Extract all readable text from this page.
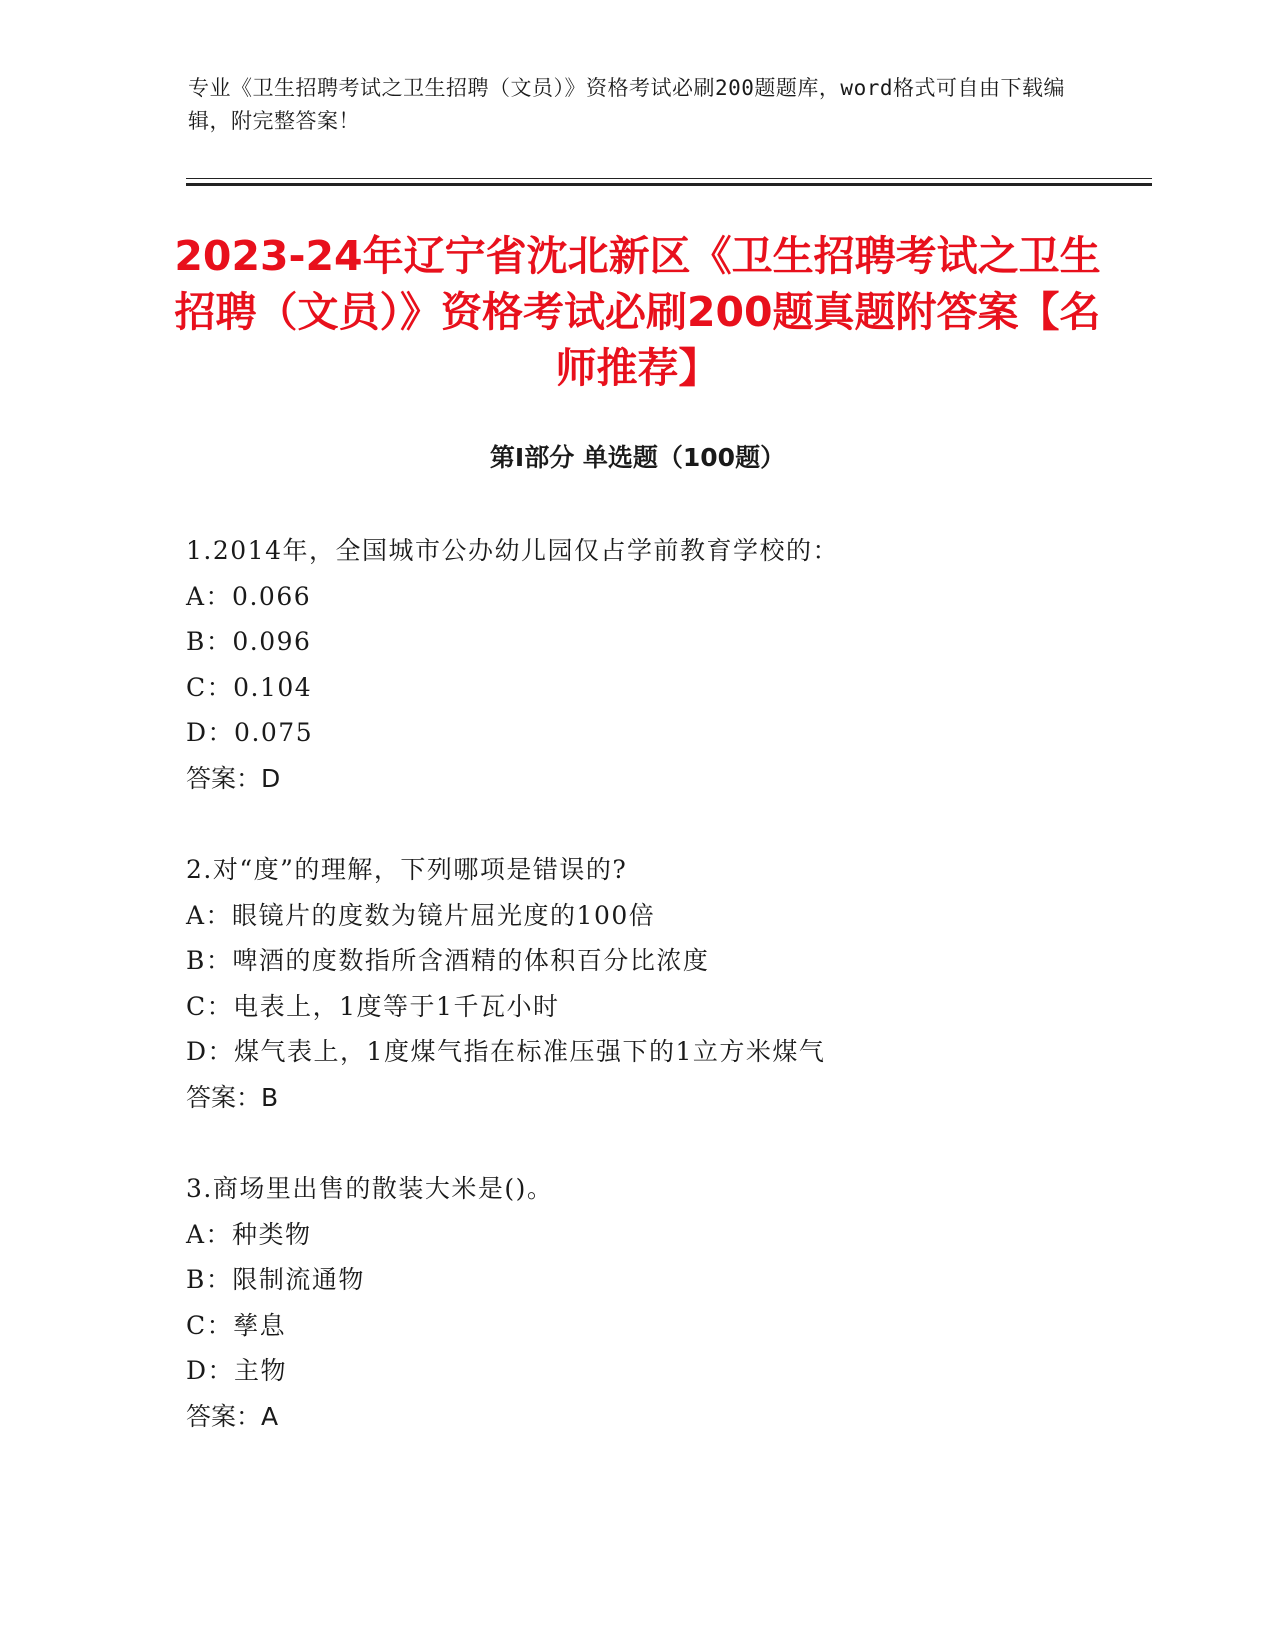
专业《卫生招聘考试之卫生招聘（文员）》资格考试必刷200题题库，word格式可自由下载编辑，附完整答案！
2023-24年辽宁省沈北新区《卫生招聘考试之卫生招聘（文员）》资格考试必刷200题真题附答案【名师推荐】
第Ⅰ部分 单选题（100题）
1.2014年，全国城市公办幼儿园仅占学前教育学校的：
A：0.066
B：0.096
C：0.104
D：0.075
答案：D
2.对“度”的理解，下列哪项是错误的?
A：眼镜片的度数为镜片屈光度的100倍
B：啤酒的度数指所含酒精的体积百分比浓度
C：电表上，1度等于1千瓦小时
D：煤气表上，1度煤气指在标准压强下的1立方米煤气
答案：B
3.商场里出售的散装大米是()。
A：种类物
B：限制流通物
C：孳息
D：主物
答案：A
